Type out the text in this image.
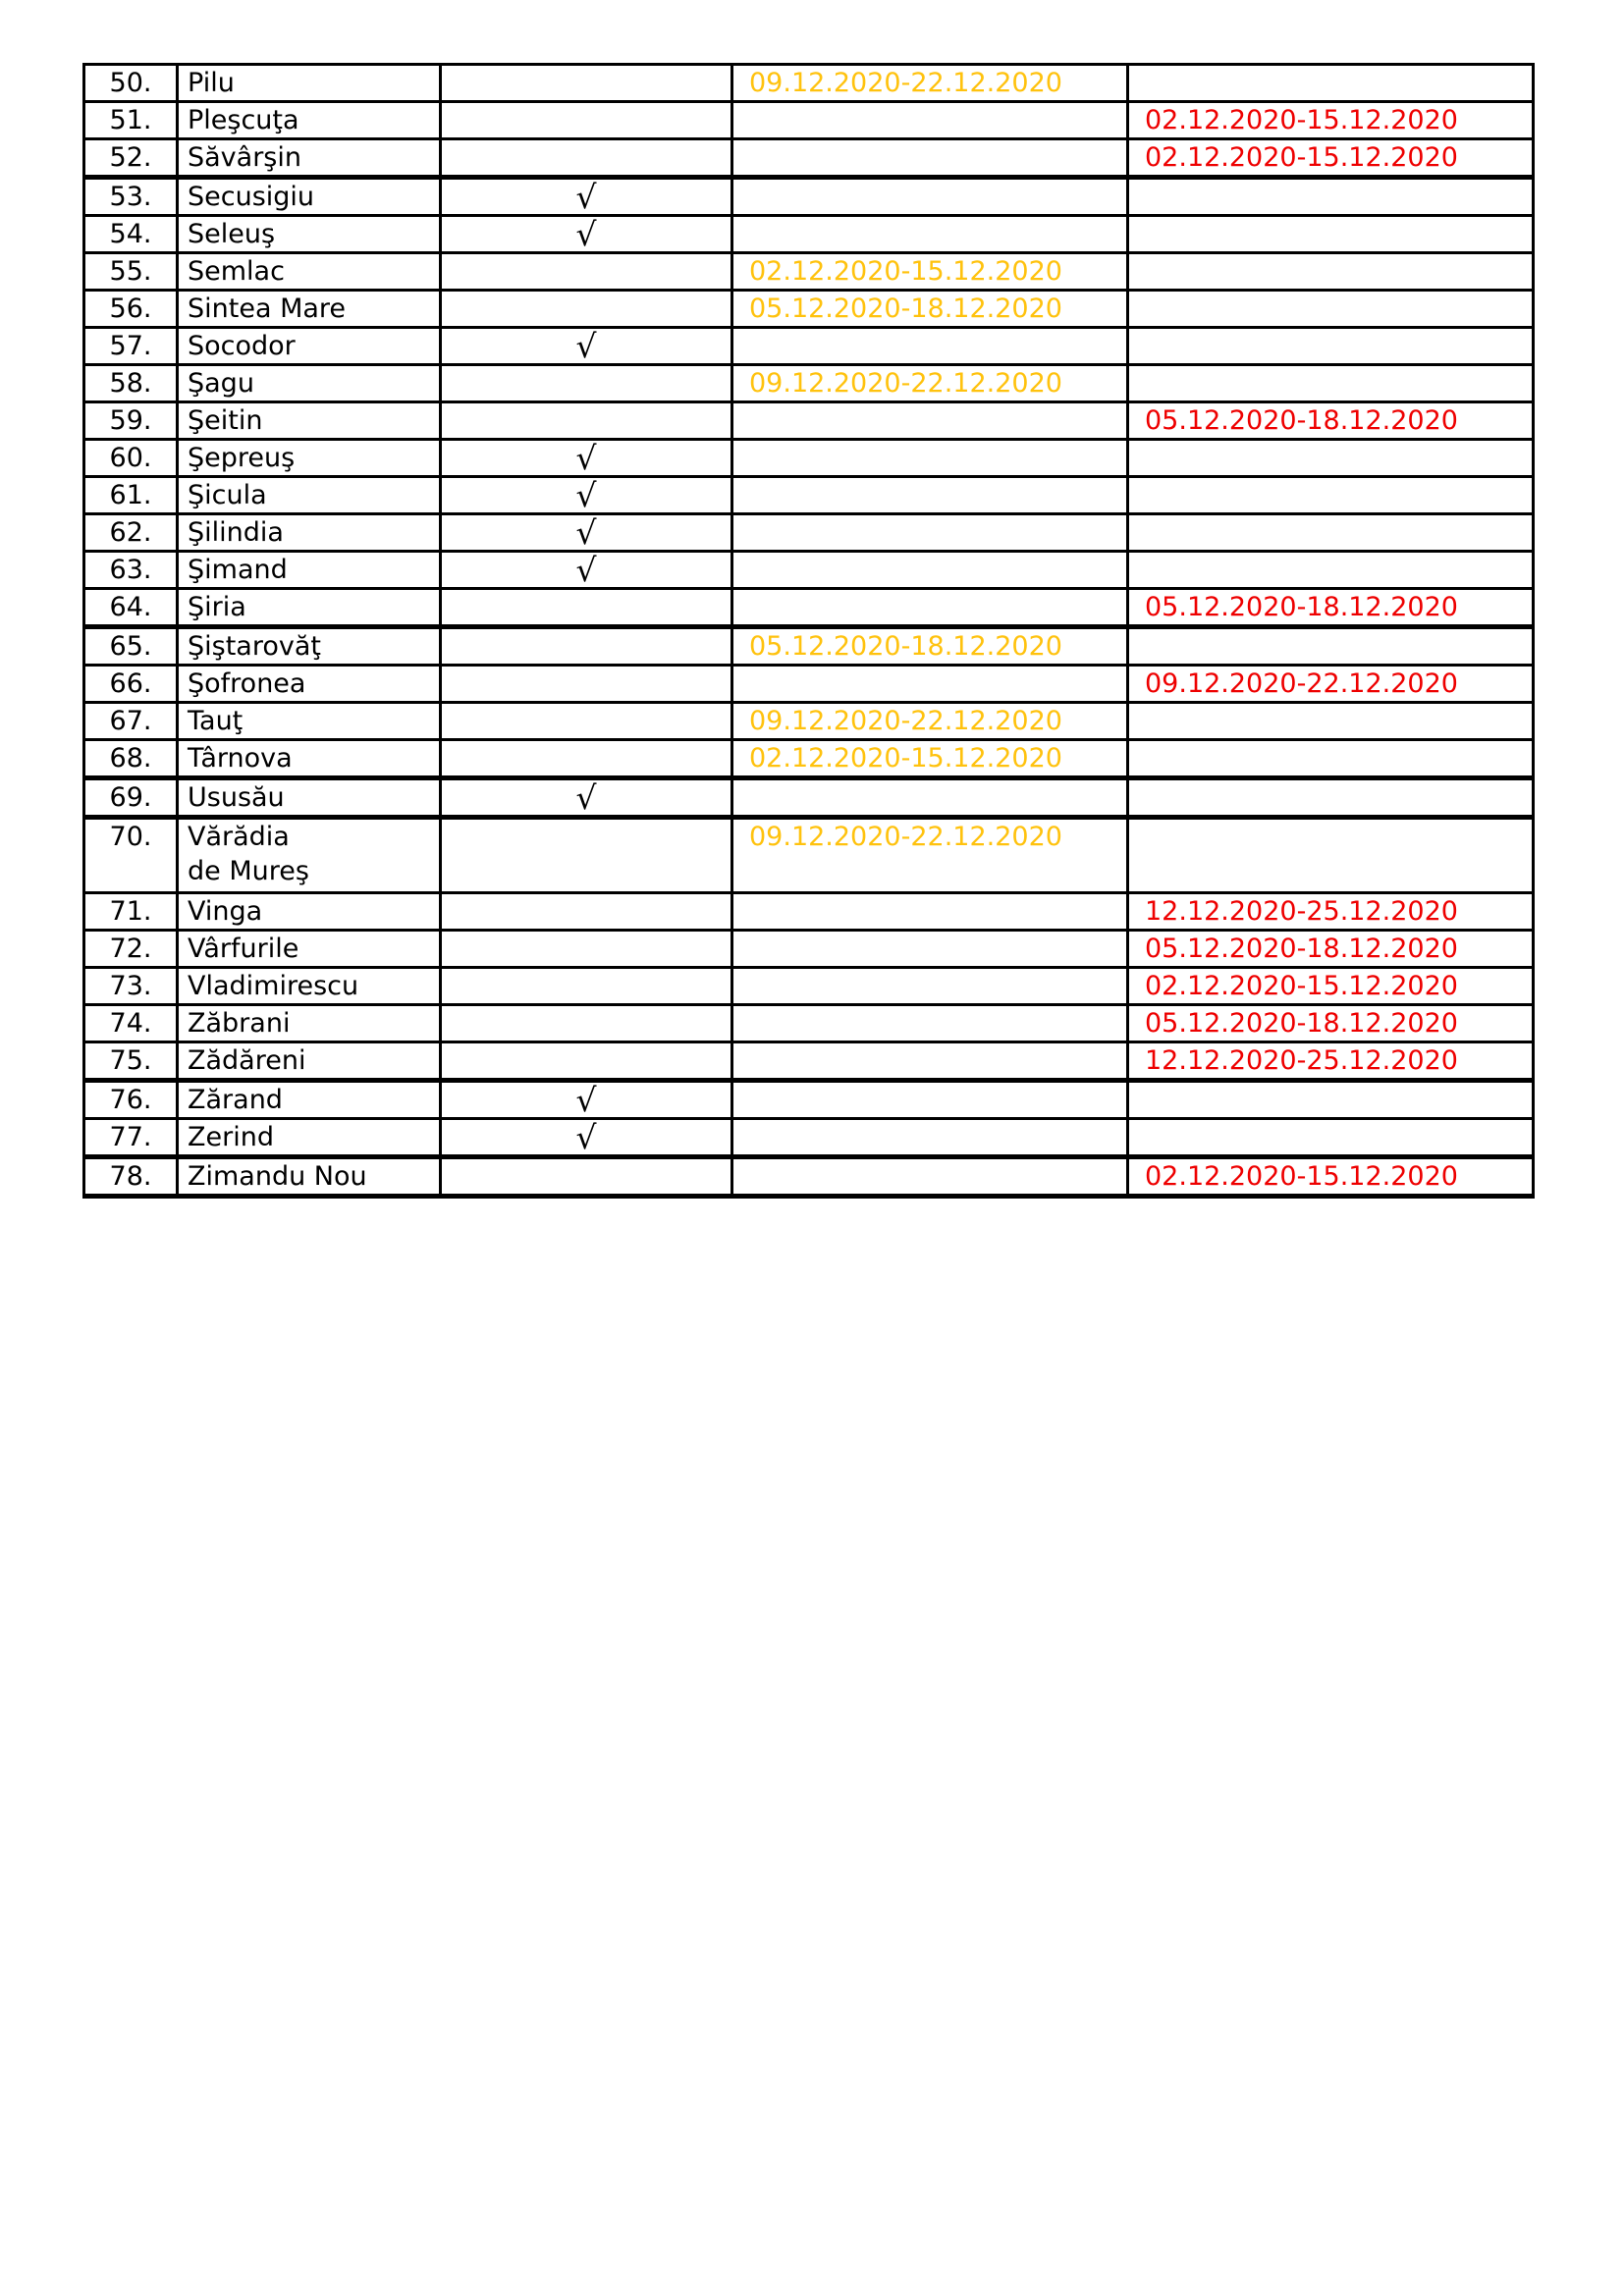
50.	Pilu		09.12.2020-22.12.2020	
51.	Pleşcuţa			02.12.2020-15.12.2020
52.	Săvârşin			02.12.2020-15.12.2020
53.	Secusigiu	√		
54.	Seleuş	√		
55.	Semlac		02.12.2020-15.12.2020	
56.	Sintea Mare		05.12.2020-18.12.2020	
57.	Socodor	√		
58.	Şagu		09.12.2020-22.12.2020	
59.	Şeitin			05.12.2020-18.12.2020
60.	Şepreuş	√		
61.	Şicula	√		
62.	Şilindia	√		
63.	Şimand	√		
64.	Şiria			05.12.2020-18.12.2020
65.	Şiştarovăţ		05.12.2020-18.12.2020	
66.	Şofronea			09.12.2020-22.12.2020
67.	Tauţ		09.12.2020-22.12.2020	
68.	Târnova		02.12.2020-15.12.2020	
69.	Ususău	√		
70.	Vărădia
de Mureş		09.12.2020-22.12.2020	
71.	Vinga			12.12.2020-25.12.2020
72.	Vârfurile			05.12.2020-18.12.2020
73.	Vladimirescu			02.12.2020-15.12.2020
74.	Zăbrani			05.12.2020-18.12.2020
75.	Zădăreni			12.12.2020-25.12.2020
76.	Zărand	√		
77.	Zerind	√		
78.	Zimandu Nou			02.12.2020-15.12.2020
